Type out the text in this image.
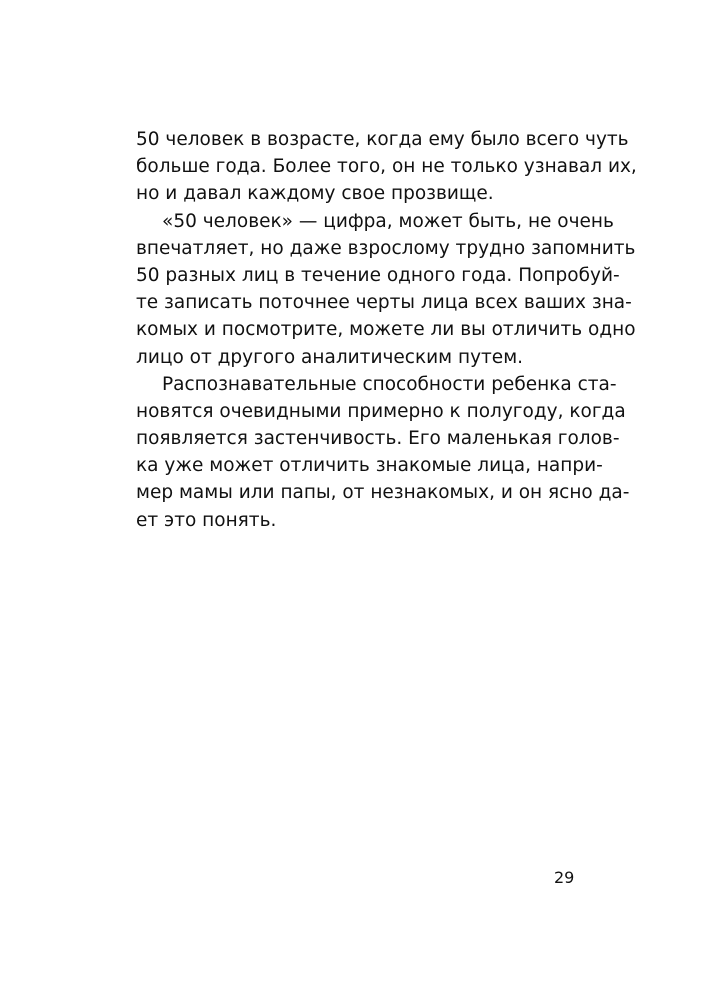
50 человек в возрасте, когда ему было всего чуть
больше года. Более того, он не только узнавал их,
но и давал каждому свое прозвище.
«50 человек» — цифра, может быть, не очень
впечатляет, но даже взрослому трудно запомнить
50 разных лиц в течение одного года. Попробуй-
те записать поточнее черты лица всех ваших зна-
комых и посмотрите, можете ли вы отличить одно
лицо от другого аналитическим путем.
Распознавательные способности ребенка ста-
новятся очевидными примерно к полугоду, когда
появляется застенчивость. Его маленькая голов-
ка уже может отличить знакомые лица, напри-
мер мамы или папы, от незнакомых, и он ясно да-
ет это понять.
29
